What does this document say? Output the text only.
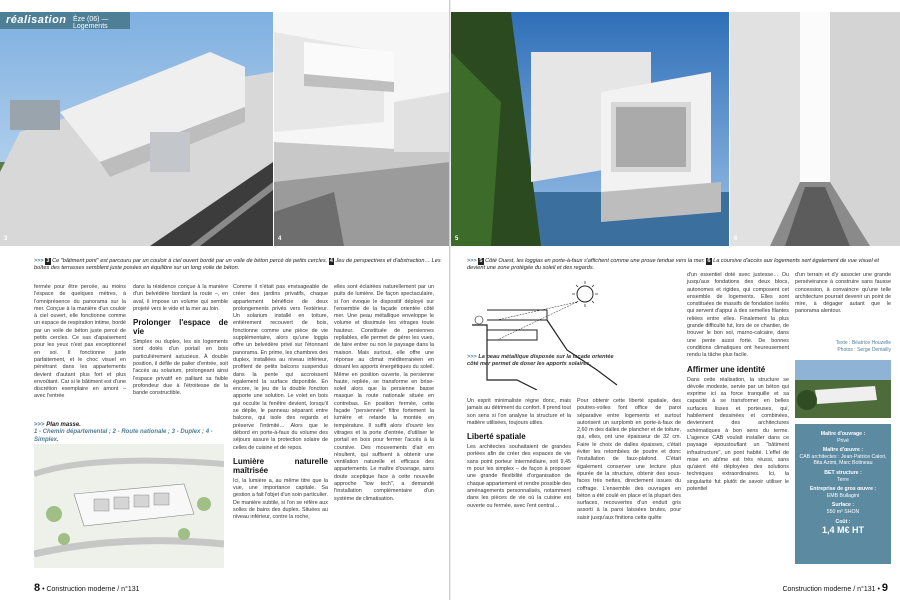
3	4
réalisation Èze (06) — Logements
>>> 3 Ce "bâtiment pont" est parcouru par un couloir à ciel ouvert bordé par un voile de béton percé de petits cercles. 4 Jeu de perspectives et d'abstraction… Les boîtes des terrasses semblent juste posées en équilibre sur un long voile de béton.

fermée pour être percée, au moins l'espace de quelques mètres, à l'omniprésence du panorama sur la mer. Conçue à la manière d'un couloir à ciel ouvert, elle fonctionne comme un espace de respiration intime, bordé par un voile de béton juste percé de petits cercles. Ce sas d'apaisement pour les yeux n'est pas exceptionnel en soi. Il fonctionne juste parfaitement, et le choc visuel en pénétrant dans les appartements devient d'autant plus fort et plus envoûtant. Car si le bâtiment est d'une discrétion exemplaire en amont – avec l'entrée

dans la résidence conçue à la manière d'un belvédère bordant la route –, en aval, il impose un volume qui semble projeté vers le vide et la mer au loin.

Prolonger l'espace de vie

Simplex ou duplex, les six logements sont dotés d'un portail en bois particulièrement astucieux. À double position, il défile de palier d'entrée, soit l'accès au solarium, prolongeant ainsi l'espace privatif en palliant sa faible profondeur due à l'étroitesse de la bande constructible.

Comme il n'était pas envisageable de créer des jardins privatifs, chaque appartement bénéficie de deux prolongements privés vers l'extérieur. Un solarium installé en toiture, entièrement recouvert de bois, fonctionne comme une pièce de vie supplémentaire, alors qu'une loggia offre un belvédère privé sur l'étonnant panorama. En prime, les chambres des duplex, installées au niveau inférieur, profitent de petits balcons suspendus dans la pente qui accroissent également la surface disponible. En encore, le jeu de la double fonction apporte une solution. Le volet en bois qui occulte la fenêtre devient, lorsqu'il se déplie, le panneau séparant entre balcons, qui isole des regards et préserve l'intimité… Alors que le débord en porte-à-faux du volume des séjours assure la protection solaire de celles de cuisine et de repos.

Lumière naturelle maîtrisée

Ici, la lumière a, au même titre que la vue, une importance capitale. Sa gestion a fait l'objet d'un soin particulier. De manière subtile, si l'on se réfère aux solles de bains des duplex. Situées au niveau inférieur, contre la roche,

elles sont éclairées naturellement par un puits de lumière. De façon spectaculaire, si l'on évoque le dispositif déployé sur l'ensemble de la façade orientée côté mer. Une peau métallique enveloppe le volume et dissimule les vitrages toute hauteur. Constituée de persiennes repliables, elle permet de gérer les vues, de faire entrer ou non le paysage dans la maison. Mais surtout, elle offre une réponse au climat méditerranéen en dosant les apports énergétiques du soleil. Même en position ouverte, la persienne haute, repliée, se transforme en brise-soleil alors que la persienne basse masque la route nationale située en contrebas. En position fermée, cette façade "persiennée" filtre fortement la lumière et retarde la montée en température. Il suffit alors d'ouvrir les vitrages et la porte d'entrée, d'utiliser le portail en bois pour fermer l'accès à la coursive. Des mouvements d'air en résultent, qui suffisent à obtenir une ventilation naturelle et efficace des appartements. Le maître d'ouvrage, sans doute sceptique face à cette nouvelle approche "low tech", a demandé l'installation complémentaire d'un système de climatisation.

>>> Plan masse.
1 - Chemin départemental ; 2 - Route nationale ; 3 - Duplex ; 4 - Simplex.
8 • Construction moderne / n°131
5	6
>>> 5 Côté Ouest, les loggias en porte-à-faux s'affichent comme une proue tendue vers la mer. 6 La coursive d'accès aux logements sert également de vue visuel et devient une zone protégée du soleil et des regards.
>>> La peau métallique disposée sur la façade orientée côté mer permet de doser les apports solaires.

Un esprit minimaliste règne donc, mais jamais au détriment du confort. Il prend tout son sens si l'on analyse la structure et la matière utilisées, toujours utiles.

Liberté spatiale

Les architectes souhaitaient de grandes portées afin de créer des espaces de vie sans point porteur intermédiaire, soit 9,45 m pour les simplex – de façon à proposer une grande flexibilité d'organisation de chaque appartement et rendre possible des aménagements personnalisés, notamment dans les pièces de vie où la cuisine est ouverte ou fermée, avec l'ent central…

Pour obtenir cette liberté spatiale, des poutres-voiles font office de paroi séparative entre logements et surtout autorisent un surplomb en porte-à-faux de 2,60 m des dalles de plancher et de toiture, qui, elles, ont une épaisseur de 32 cm. Faire le choix de dalles épaisses, c'était éviter les retombées de poutre et donc l'installation de faux-plafond. C'était également conserver une lecture plus épurée de la structure, obtenir des sous-faces très nettes, directement issues du coffrage. L'ensemble des ouvrages en béton a été coulé en place et la plupart des surfaces, recouvertes d'un enduit gris assorti à la paroi laissées brutes, pour saisir jusqu'aux finitions cette quête

d'un essentiel doté avec justesse… Ou jusqu'aux fondations des deux blocs, autonomes et rigides, qui composent cet ensemble de logements. Elles sont constituées de massifs de fondation isolés qui servent d'appui à des semelles filantes reliées entre elles. Finalement la plus grande difficulté fut, lors de ce chantier, de trouver le bon sol, marno-calcaire, dans une pente aussi forte. De bonnes conditions climatiques ont heureusement rendu la tâche plus facile.

Affirmer une identité

Dans cette réalisation, la structure se dévoile modeste, servie par un béton qui exprime ici sa force tranquille et sa capacité à se transformer en belles surfaces lisses et porteuses, qui, habilement dessinées et combinées, deviennent des architectures schématiques à bon sens du terme. L'agence CAB voulait installer dans ce paysage époustouflant un "bâtiment infrastructure", un pont habité. L'effet de mise en abîme est très réussi, sans qu'aient été déployées des solutions techniques extraordinaires. Ici, la singularité fut plutôt de savoir utiliser le potentiel

d'un terrain et d'y associer une grande persévérance à construire sans fausse concession, à convaincre qu'une telle architecture pourrait devenir un point de mire, à dégager autant que le panorama alentour.

Texte : Béatrice Houzelle
Photos : Serge Demailly
Maître d'ouvrage :
Privé
Maître d'œuvre :
CAB architectes : Jean-Patrice Calori, Bita Azimi, Marc Botineau
BET structure :
Terre
Entreprise de gros œuvre :
EMB Bullagini
Surface :
550 m² SHON
Coût :
1,4 M€ HT
Construction moderne / n°131 • 9
